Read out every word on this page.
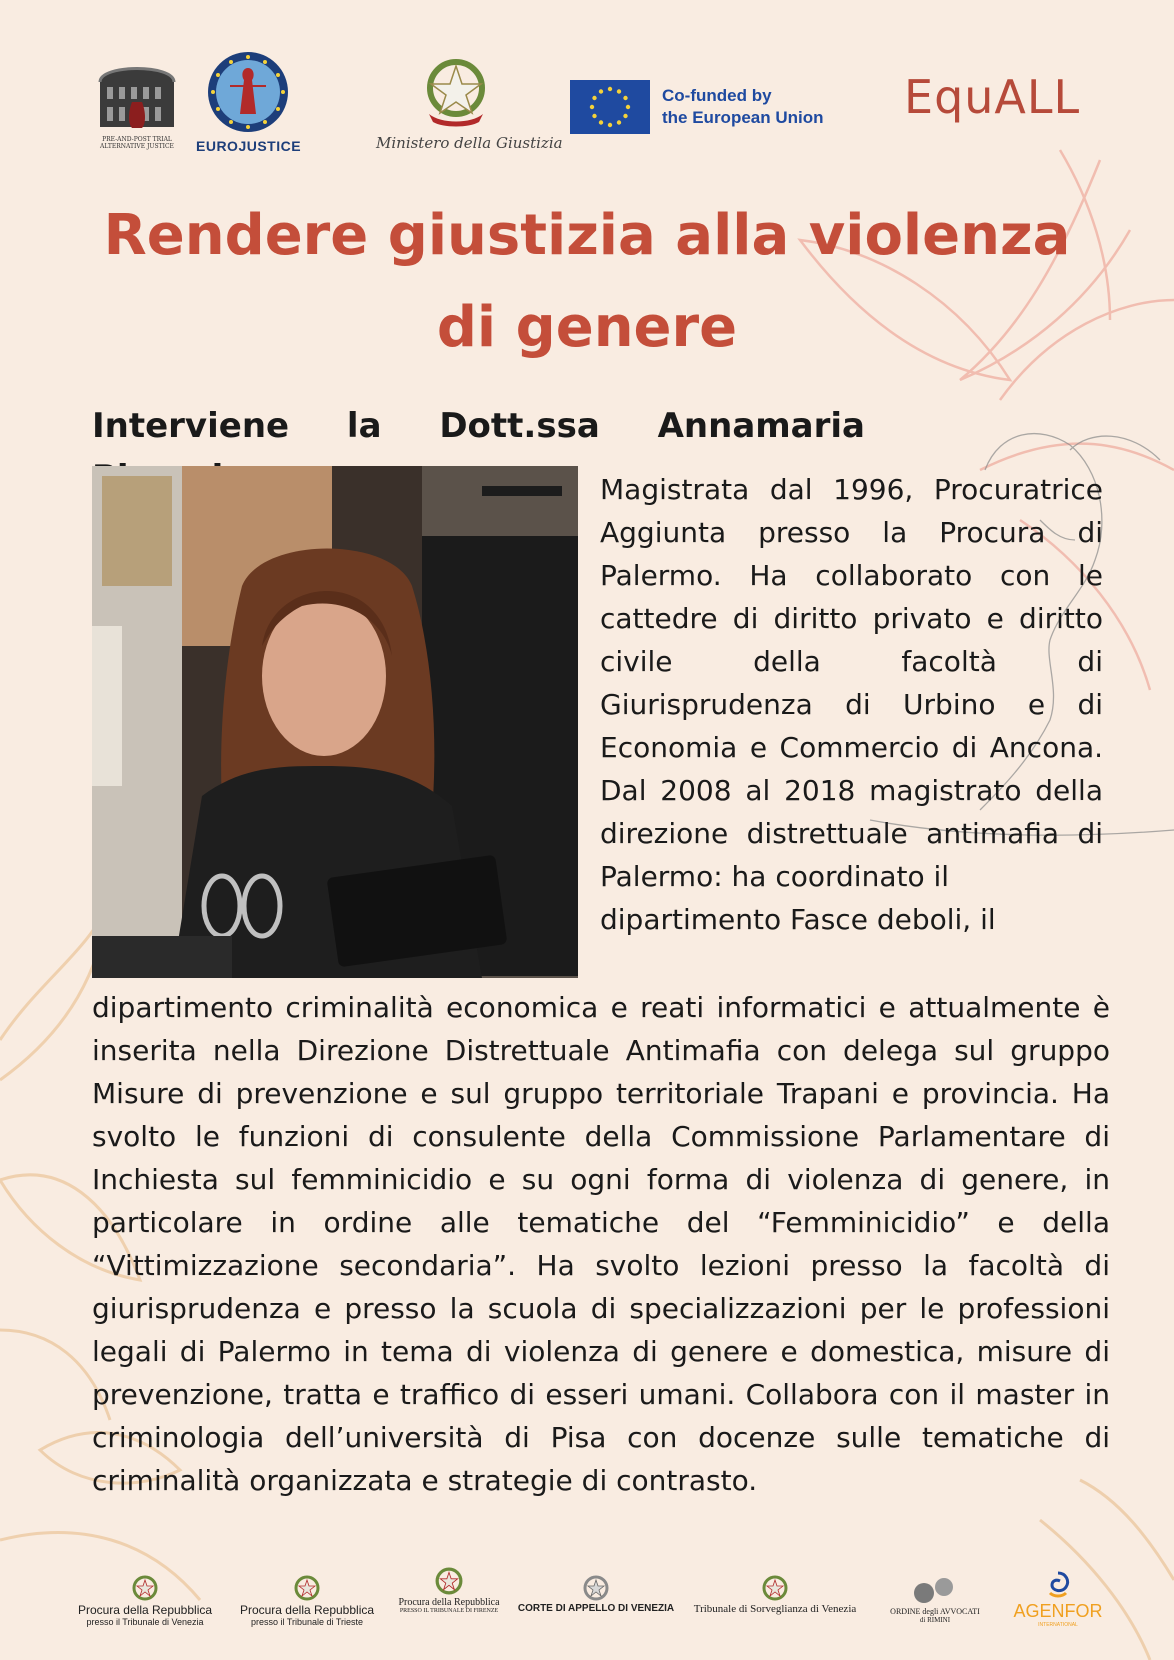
PRE-AND-POST TRIAL ALTERNATIVE JUSTICE	EUROJUSTICE	Ministero della Giustizia
Co-funded by
the European Union EquALL
Rendere giustizia alla violenza
di genere
Interviene la Dott.ssa Annamaria

Magistrata dal 1996, Procuratrice Aggiunta presso la Procura di Palermo. Ha collaborato con le cattedre di diritto privato e diritto civile della facoltà di Giurisprudenza di Urbino e di Economia e Commercio di Ancona. Dal 2008 al 2018 magistrato della direzione distrettuale antimafia di Palermo: ha coordinato il
dipartimento Fasce deboli, il

dipartimento criminalità economica e reati informatici e attualmente è inserita nella Direzione Distrettuale Antimafia con delega sul gruppo Misure di prevenzione e sul gruppo territoriale Trapani e provincia. Ha svolto le funzioni di consulente della Commissione Parlamentare di Inchiesta sul femminicidio e su ogni forma di violenza di genere, in particolare in ordine alle tematiche del “Femminicidio” e della “Vittimizzazione secondaria”. Ha svolto lezioni presso la facoltà di giurisprudenza e presso la scuola di specializzazioni per le professioni legali di Palermo in tema di violenza di genere e domestica, misure di prevenzione, tratta e traffico di esseri umani. Collabora con il master in criminologia dell’università di Pisa con docenze sulle tematiche di criminalità organizzata e strategie di contrasto.

Procura della Repubblica
presso il Tribunale di Venezia
Procura della Repubblica
presso il Tribunale di Trieste
Procura della Repubblica
PRESSO IL TRIBUNALE DI FIRENZE	CORTE DI APPELLO DI VENEZIA	Tribunale di Sorveglianza di Venezia	ORDINE degli AVVOCATI
di RIMINI	AGENFOR
INTERNATIONAL
